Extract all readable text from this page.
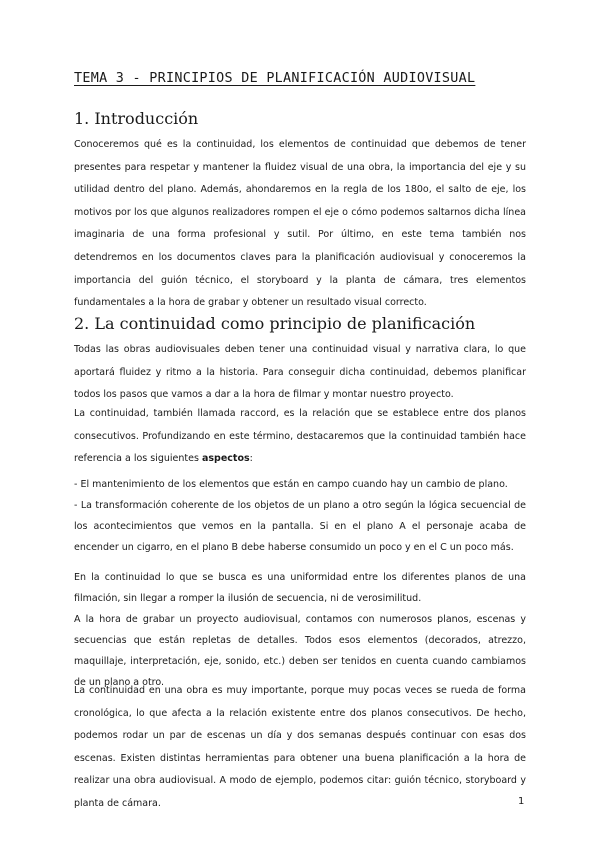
TEMA 3 - PRINCIPIOS DE PLANIFICACIÓN AUDIOVISUAL
1. Introducción

Conoceremos qué es la continuidad, los elementos de continuidad que debemos de tener presentes para respetar y mantener la fluidez visual de una obra, la importancia del eje y su utilidad dentro del plano. Además, ahondaremos en la regla de los 180o, el salto de eje, los motivos por los que algunos realizadores rompen el eje o cómo podemos saltarnos dicha línea imaginaria de una forma profesional y sutil. Por último, en este tema también nos detendremos en los documentos claves para la planificación audiovisual y conoceremos la importancia del guión técnico, el storyboard y la planta de cámara, tres elementos fundamentales a la hora de grabar y obtener un resultado visual correcto.

2. La continuidad como principio de planificación

Todas las obras audiovisuales deben tener una continuidad visual y narrativa clara, lo que aportará fluidez y ritmo a la historia. Para conseguir dicha continuidad, debemos planificar todos los pasos que vamos a dar a la hora de filmar y montar nuestro proyecto.

La continuidad, también llamada raccord, es la relación que se establece entre dos planos consecutivos. Profundizando en este término, destacaremos que la continuidad también hace referencia a los siguientes aspectos:

- El mantenimiento de los elementos que están en campo cuando hay un cambio de plano.

- La transformación coherente de los objetos de un plano a otro según la lógica secuencial de los acontecimientos que vemos en la pantalla. Si en el plano A el personaje acaba de encender un cigarro, en el plano B debe haberse consumido un poco y en el C un poco más.

En la continuidad lo que se busca es una uniformidad entre los diferentes planos de una filmación, sin llegar a romper la ilusión de secuencia, ni de verosimilitud.

A la hora de grabar un proyecto audiovisual, contamos con numerosos planos, escenas y secuencias que están repletas de detalles. Todos esos elementos (decorados, atrezzo, maquillaje, interpretación, eje, sonido, etc.) deben ser tenidos en cuenta cuando cambiamos de un plano a otro.

La continuidad en una obra es muy importante, porque muy pocas veces se rueda de forma cronológica, lo que afecta a la relación existente entre dos planos consecutivos. De hecho, podemos rodar un par de escenas un día y dos semanas después continuar con esas dos escenas. Existen distintas herramientas para obtener una buena planificación a la hora de realizar una obra audiovisual. A modo de ejemplo, podemos citar: guión técnico, storyboard y planta de cámara.	1
